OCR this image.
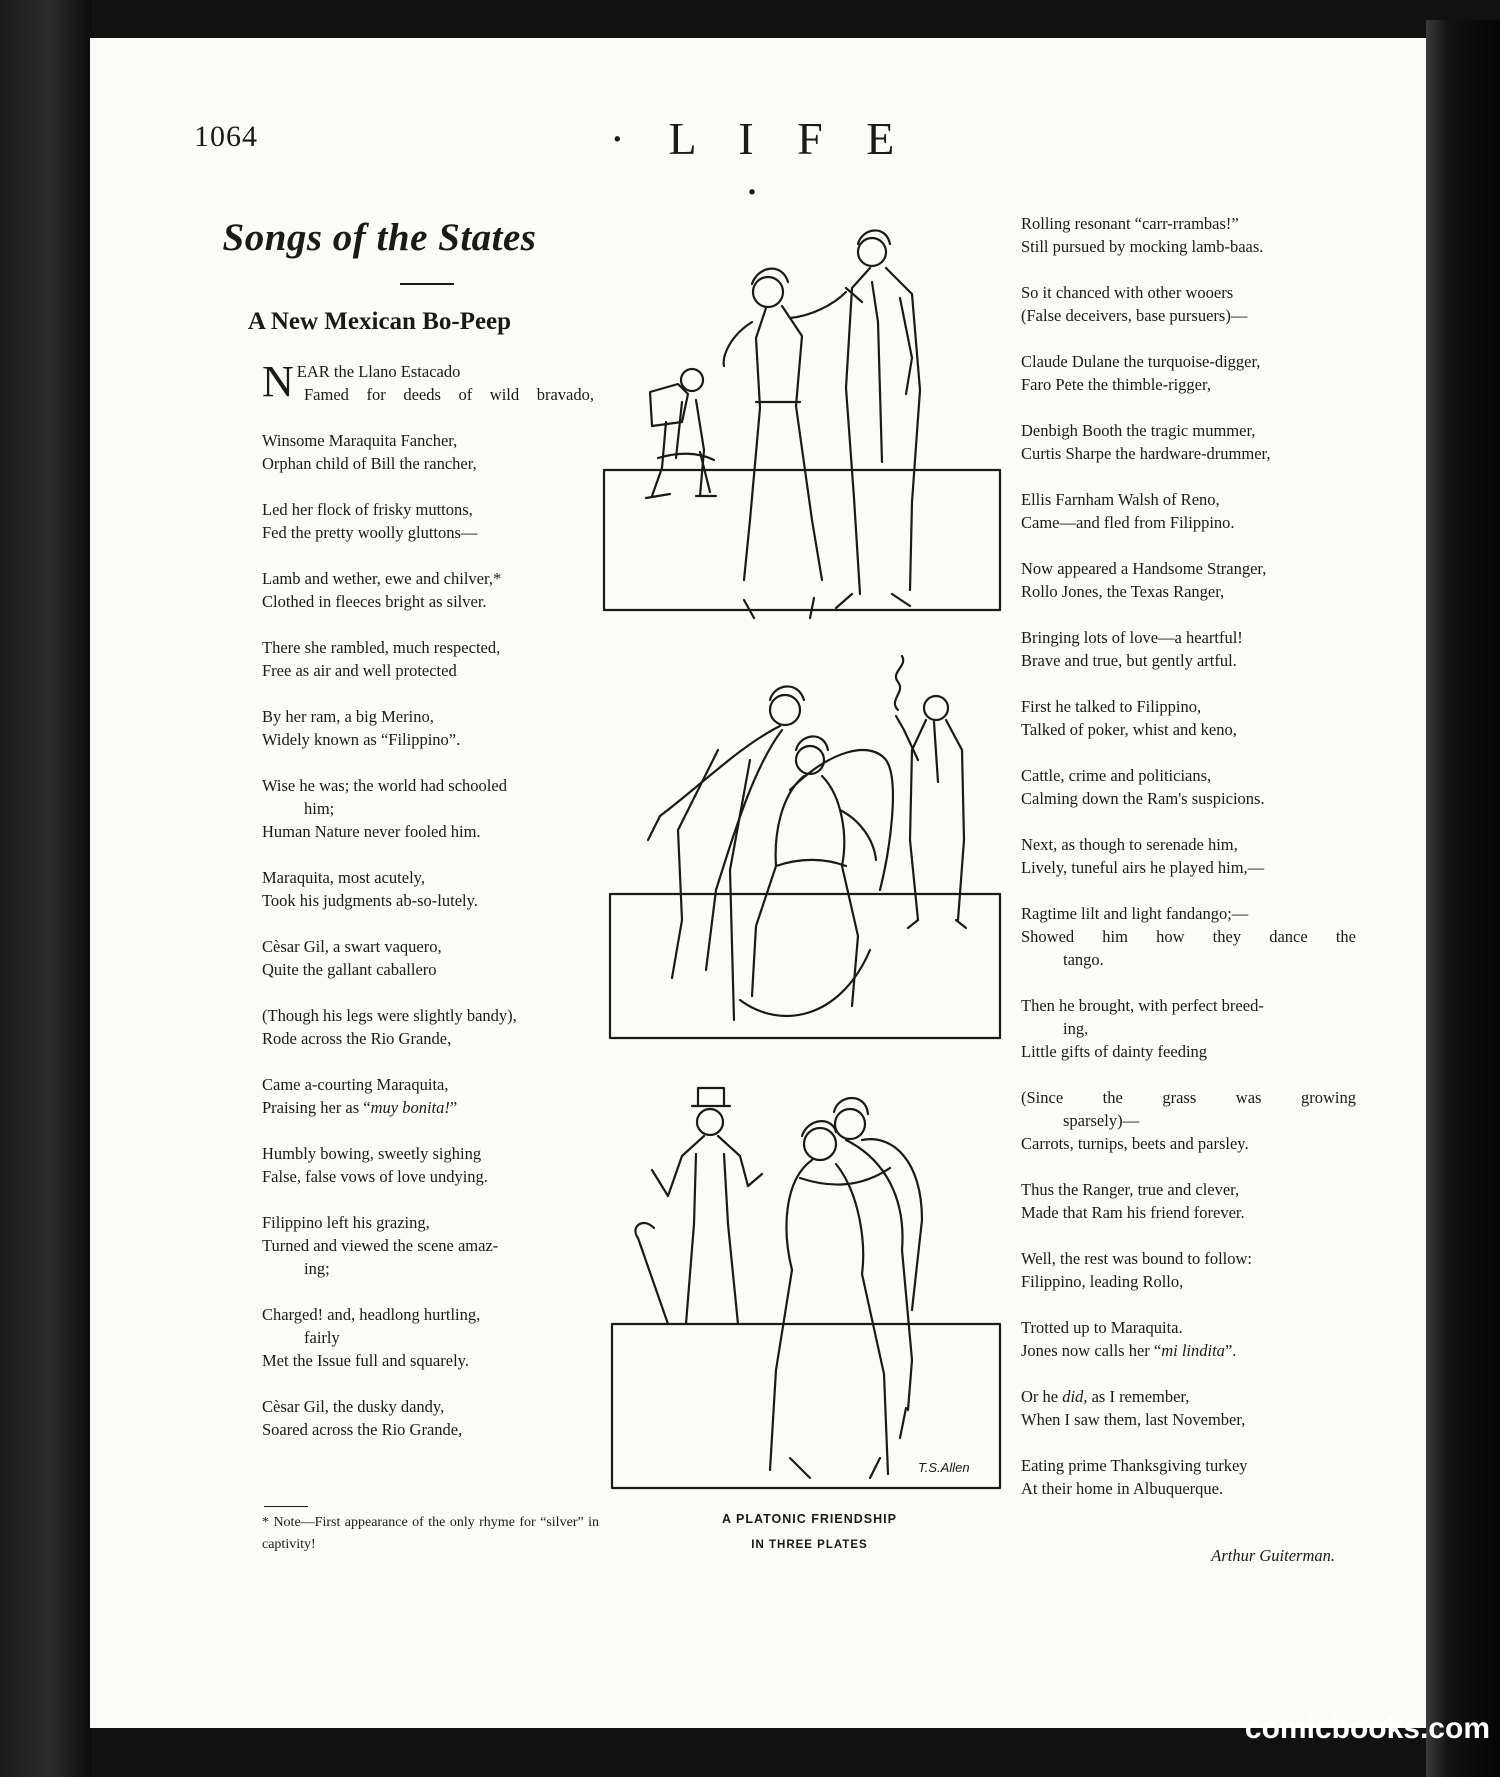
1064	· L I F E ·
Songs of the States
A New Mexican Bo-Peep
N EAR the Llano Estacado
Famed for deeds of wild bravado,
Winsome Maraquita Fancher,
Orphan child of Bill the rancher,
Led her flock of frisky muttons,
Fed the pretty woolly gluttons—
Lamb and wether, ewe and chilver,*
Clothed in fleeces bright as silver.
There she rambled, much respected,
Free as air and well protected
By her ram, a big Merino,
Widely known as “Filippino”.
Wise he was; the world had schooled
him;
Human Nature never fooled him.
Maraquita, most acutely,
Took his judgments ab-so-lutely.
Cèsar Gil, a swart vaquero,
Quite the gallant caballero
(Though his legs were slightly bandy),
Rode across the Rio Grande,
Came a-courting Maraquita,
Praising her as “muy bonita!”
Humbly bowing, sweetly sighing
False, false vows of love undying.
Filippino left his grazing,
Turned and viewed the scene amaz-
ing;
Charged! and, headlong hurtling,
fairly
Met the Issue full and squarely.
Cèsar Gil, the dusky dandy,
Soared across the Rio Grande,
* Note—First appearance of the only rhyme for “silver” in captivity!
T.S.Allen
A PLATONIC FRIENDSHIP
IN THREE PLATES
Rolling resonant “carr-rrambas!”
Still pursued by mocking lamb-baas.
So it chanced with other wooers
(False deceivers, base pursuers)—
Claude Dulane the turquoise-digger,
Faro Pete the thimble-rigger,
Denbigh Booth the tragic mummer,
Curtis Sharpe the hardware-drummer,
Ellis Farnham Walsh of Reno,
Came—and fled from Filippino.
Now appeared a Handsome Stranger,
Rollo Jones, the Texas Ranger,
Bringing lots of love—a heartful!
Brave and true, but gently artful.
First he talked to Filippino,
Talked of poker, whist and keno,
Cattle, crime and politicians,
Calming down the Ram's suspicions.
Next, as though to serenade him,
Lively, tuneful airs he played him,—
Ragtime lilt and light fandango;—
Showed him how they dance the
tango.
Then he brought, with perfect breed-
ing,
Little gifts of dainty feeding
(Since the grass was growing
sparsely)—
Carrots, turnips, beets and parsley.
Thus the Ranger, true and clever,
Made that Ram his friend forever.
Well, the rest was bound to follow:
Filippino, leading Rollo,
Trotted up to Maraquita.
Jones now calls her “mi lindita”.
Or he did, as I remember,
When I saw them, last November,
Eating prime Thanksgiving turkey
At their home in Albuquerque.
Arthur Guiterman.
comicbooks.com
